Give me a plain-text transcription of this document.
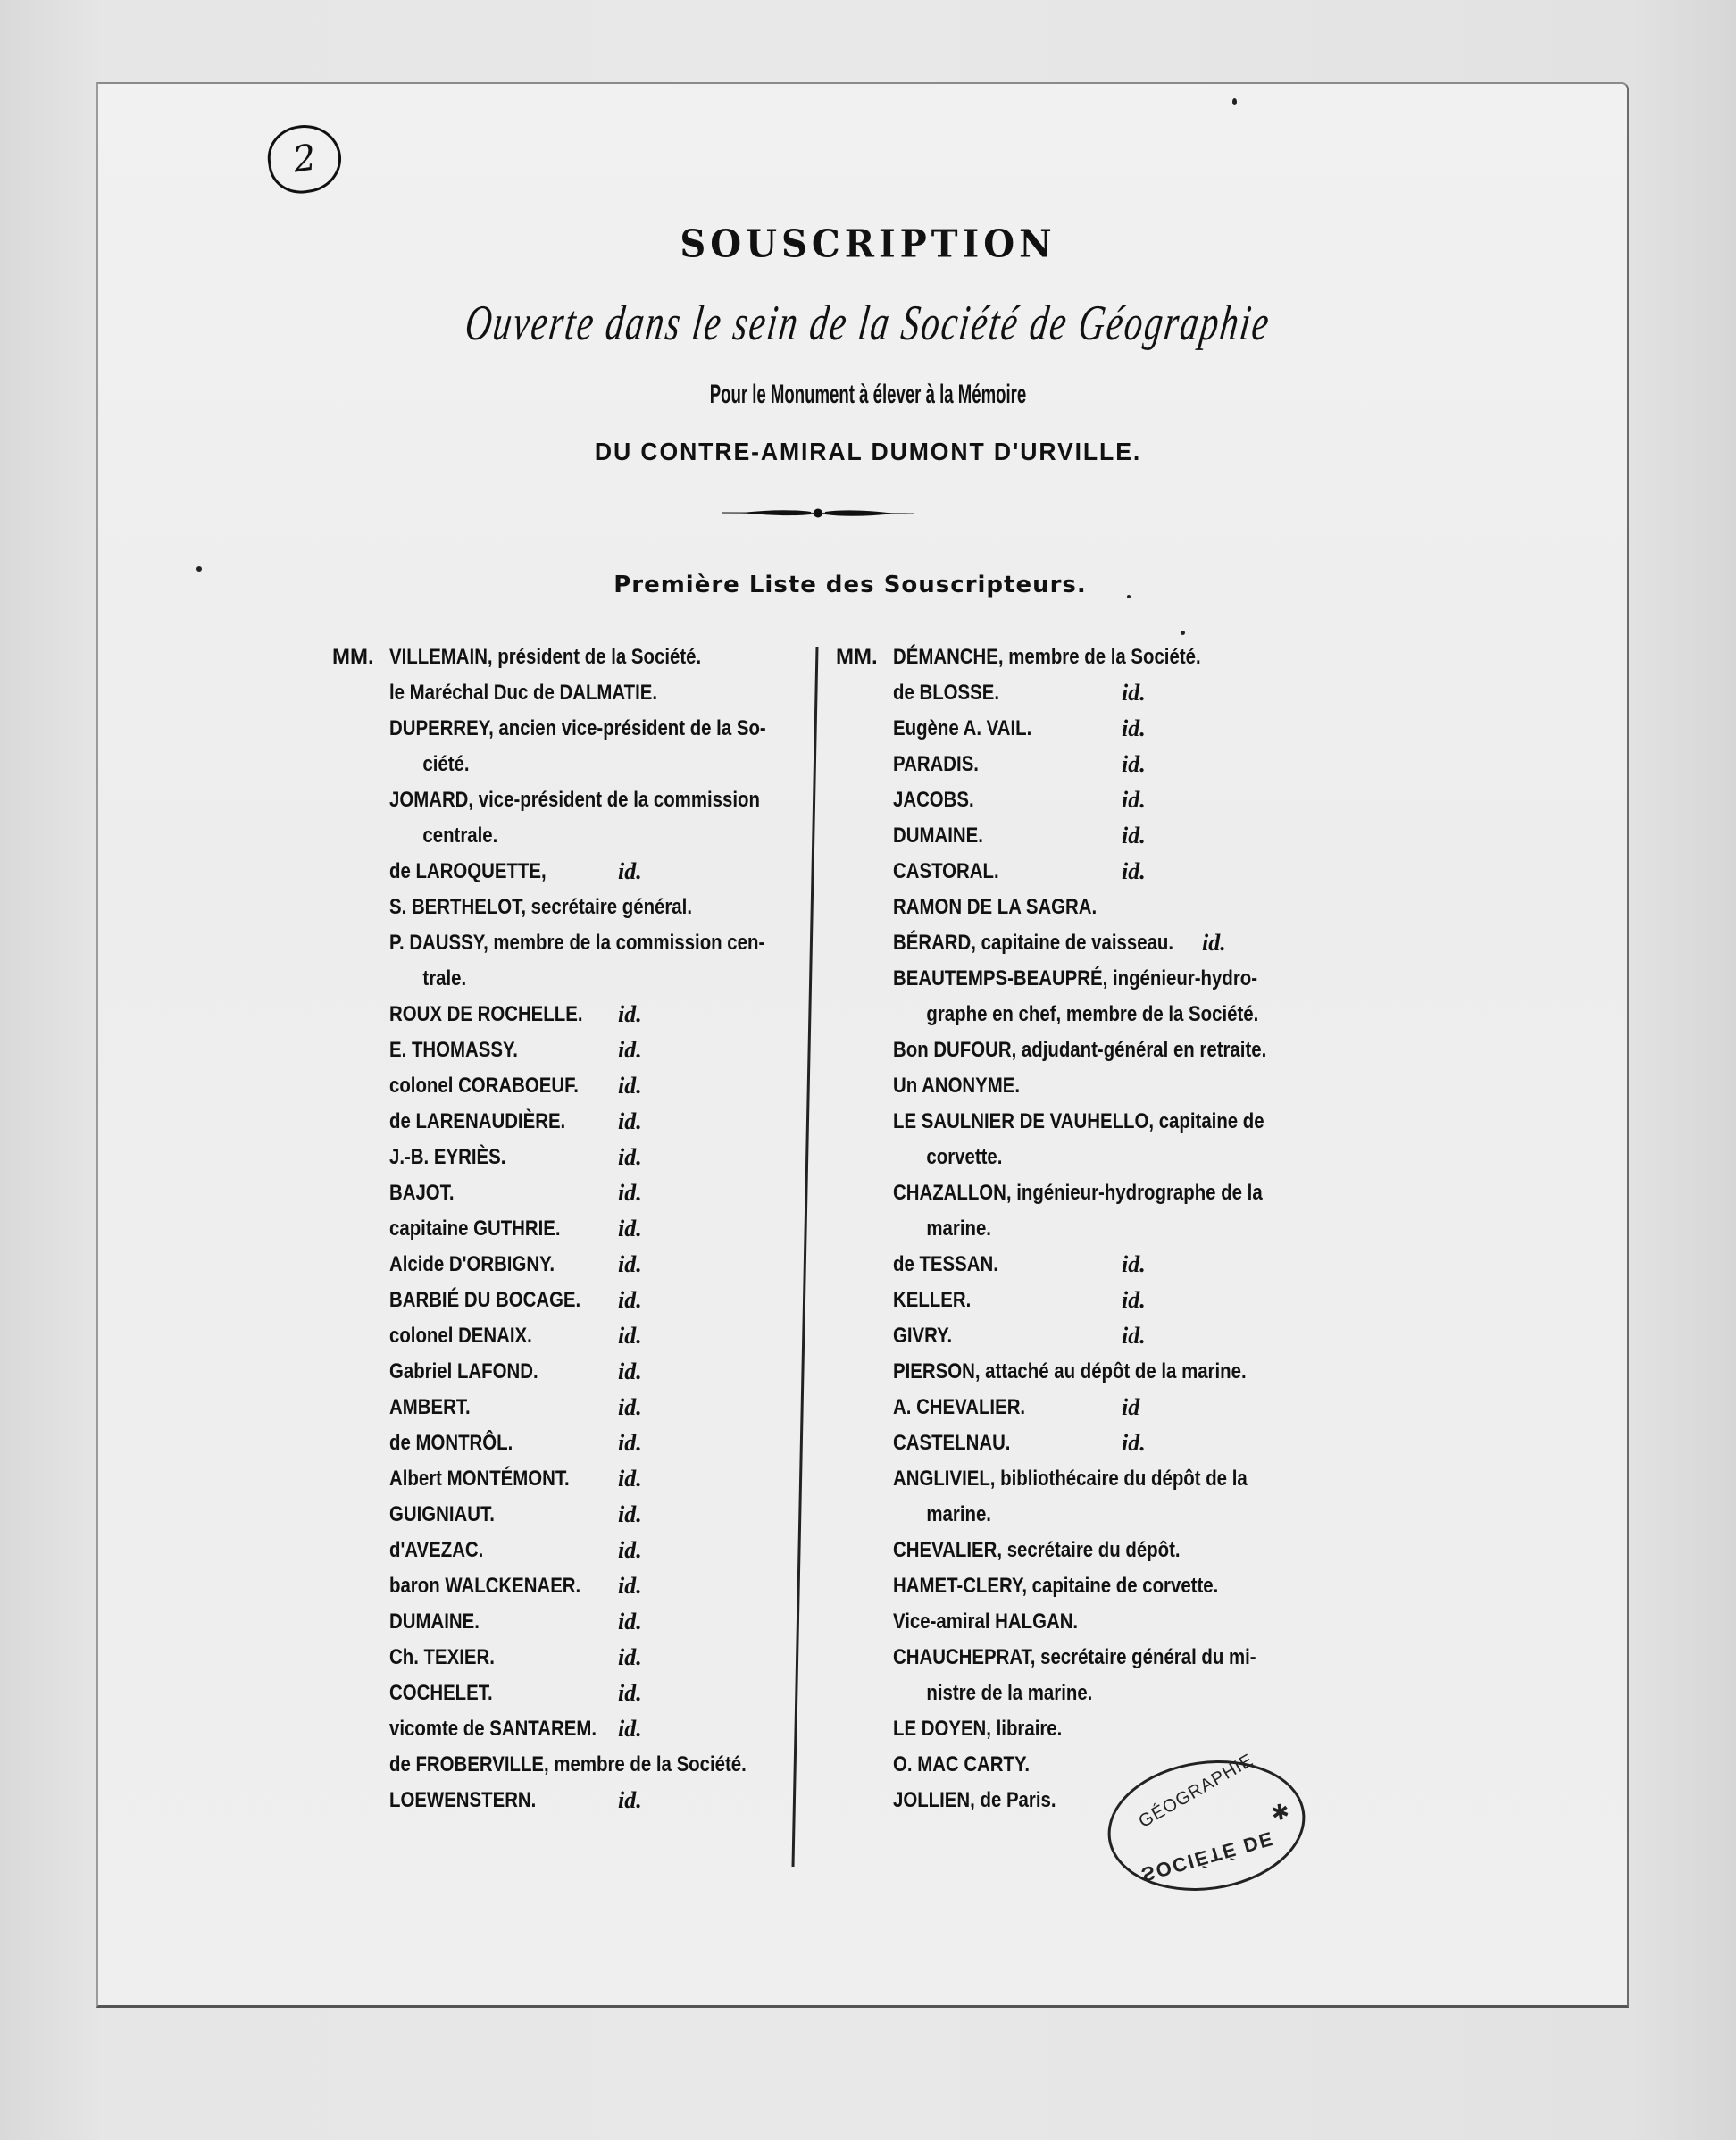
2
SOUSCRIPTION
Ouverte dans le sein de la Société de Géographie
Pour le Monument à élever à la Mémoire
DU CONTRE-AMIRAL DUMONT D'URVILLE.
Première Liste des Souscripteurs.
MM. VILLEMAIN, président de la Société.
le Maréchal Duc de DALMATIE.
DUPERREY, ancien vice-président de la So-
ciété.
JOMARD, vice-président de la commission
centrale.
de LAROQUETTE,	id.
S. BERTHELOT, secrétaire général.
P. DAUSSY, membre de la commission cen-
trale.
ROUX DE ROCHELLE. id.
E. THOMASSY.	id.
colonel CORABOEUF. id.
de LARENAUDIÈRE. id.
J.-B. EYRIÈS.	id.
BAJOT.	id.
capitaine GUTHRIE. id.
Alcide D'ORBIGNY.	id.
BARBIÉ DU BOCAGE. id.
colonel DENAIX.	id.
Gabriel LAFOND.	id.
AMBERT.	id.
de MONTRÔL.	id.
Albert MONTÉMONT. id.
GUIGNIAUT.	id.
d'AVEZAC.	id.
baron WALCKENAER. id.
DUMAINE.	id.
Ch. TEXIER.	id.
COCHELET.	id.
vicomte de SANTAREM. id.
de FROBERVILLE, membre de la Société.
LOEWENSTERN.	id.
MM. DÉMANCHE, membre de la Société.
de BLOSSE.	id.
Eugène A. VAIL.	id.
PARADIS.	id.
JACOBS.	id.
DUMAINE.	id.
CASTORAL.	id.
RAMON DE LA SAGRA.
BÉRARD, capitaine de vaisseau. id.
BEAUTEMPS-BEAUPRÉ, ingénieur-hydro-
graphe en chef, membre de la Société.
Bon DUFOUR, adjudant-général en retraite.
Un ANONYME.
LE SAULNIER DE VAUHELLO, capitaine de
corvette.
CHAZALLON, ingénieur-hydrographe de la
marine.
de TESSAN.	id.
KELLER.	id.
GIVRY.	id.
PIERSON, attaché au dépôt de la marine.
A. CHEVALIER.	id
CASTELNAU.	id.
ANGLIVIEL, bibliothécaire du dépôt de la
marine.
CHEVALIER, secrétaire du dépôt.
HAMET-CLERY, capitaine de corvette.
Vice-amiral HALGAN.
CHAUCHEPRAT, secrétaire général du mi-
nistre de la marine.
LE DOYEN, libraire.
O. MAC CARTY.
JOLLIEN, de Paris.	GÉOGRAPHIE ✱
SOCIÉTÉ DE
